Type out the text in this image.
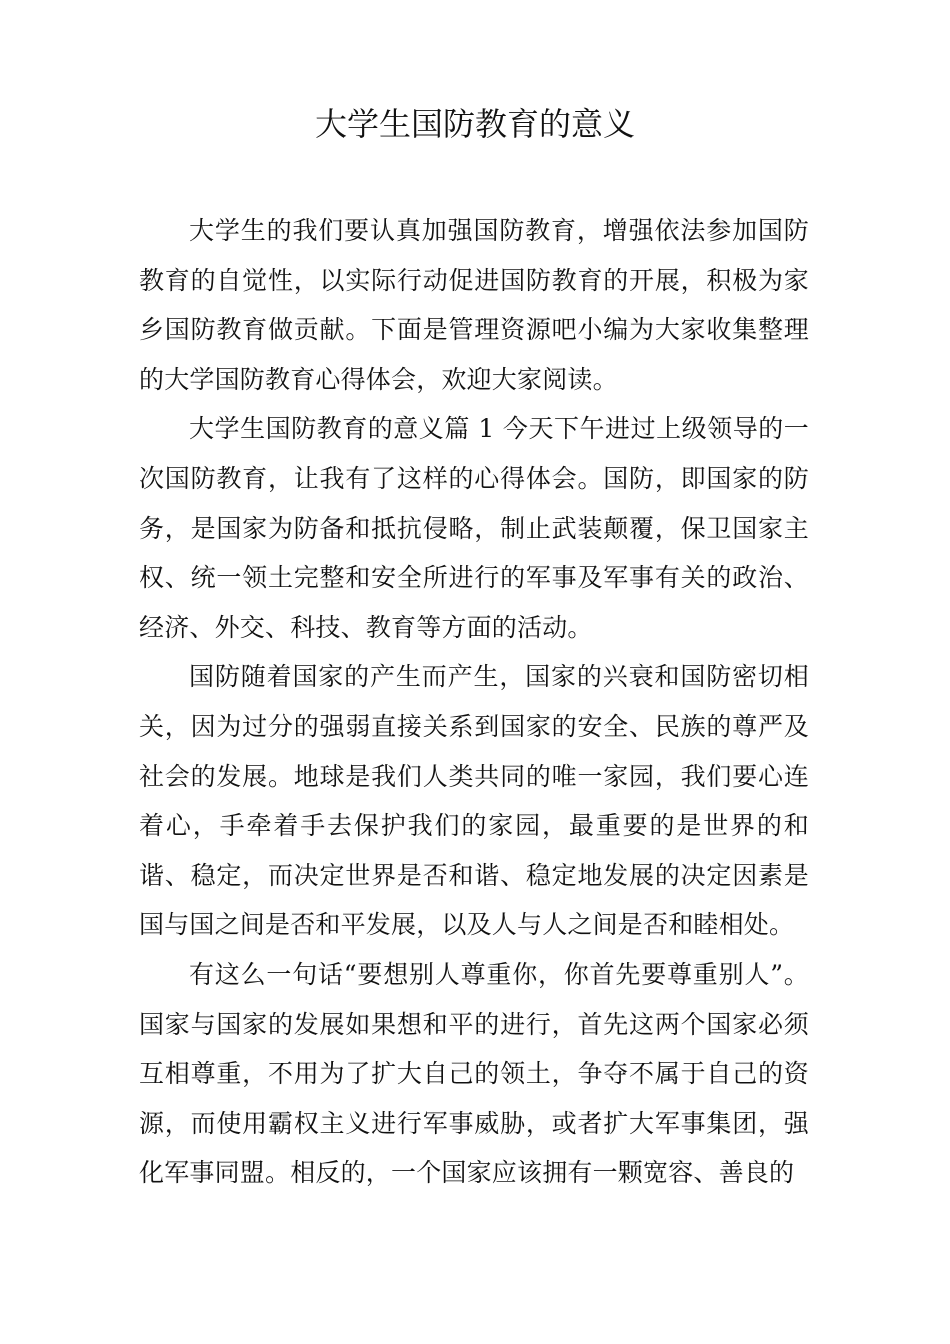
大学生国防教育的意义

大学生的我们要认真加强国防教育，增强依法参加国防教育的自觉性，以实际行动促进国防教育的开展，积极为家乡国防教育做贡献。下面是管理资源吧小编为大家收集整理的大学国防教育心得体会，欢迎大家阅读。

大学生国防教育的意义篇 1 今天下午进过上级领导的一次国防教育，让我有了这样的心得体会。国防，即国家的防务，是国家为防备和抵抗侵略，制止武装颠覆，保卫国家主权、统一领土完整和安全所进行的军事及军事有关的政治、经济、外交、科技、教育等方面的活动。

国防随着国家的产生而产生，国家的兴衰和国防密切相关，因为过分的强弱直接关系到国家的安全、民族的尊严及社会的发展。地球是我们人类共同的唯一家园，我们要心连着心，手牵着手去保护我们的家园，最重要的是世界的和谐、稳定，而决定世界是否和谐、稳定地发展的决定因素是国与国之间是否和平发展，以及人与人之间是否和睦相处。

有这么一句话“要想别人尊重你，你首先要尊重别人”。国家与国家的发展如果想和平的进行，首先这两个国家必须互相尊重，不用为了扩大自己的领土，争夺不属于自己的资源，而使用霸权主义进行军事威胁，或者扩大军事集团，强化军事同盟。相反的，一个国家应该拥有一颗宽容、善良的
